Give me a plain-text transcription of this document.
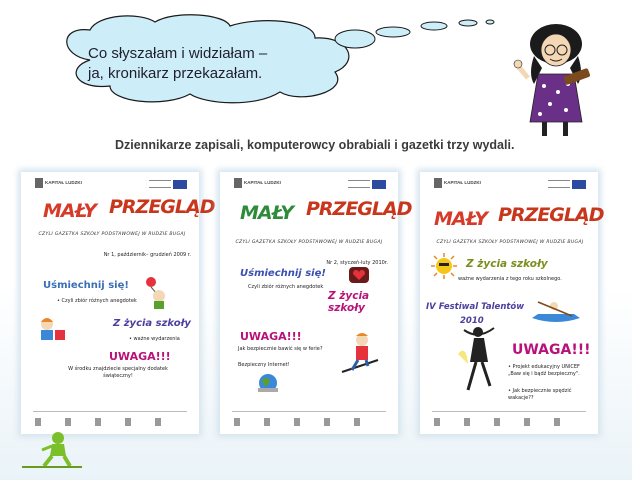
Co słyszałam i widziałam –
ja, kronikarz przekazałam.
Dziennikarze zapisali, komputerowcy obrabiali i gazetki trzy wydali.
KAPITAŁ LUDZKI
MAŁY PRZEGLĄD
CZYLI GAZETKA SZKOŁY PODSTAWOWEJ W RUDZIE BUGAJ
Nr 1, październik– grudzień 2009 r.
Uśmiechnij się!
• Czyli zbiór różnych anegdotek
Z życia szkoły
• ważne wydarzenia
UWAGA!!!
W środku znajdziecie specjalny dodatek świąteczny!
KAPITAŁ LUDZKI
MAŁY PRZEGLĄD
CZYLI GAZETKA SZKOŁY PODSTAWOWEJ W RUDZIE BUGAJ
Nr 2, styczeń-luty 2010r.
Uśmiechnij się!
Czyli zbiór różnych anegdotek
Z życia szkoły
UWAGA!!!
Jak bezpiecznie bawić się w ferie?
Bezpieczny Internet!
KAPITAŁ LUDZKI
MAŁY PRZEGLĄD
CZYLI GAZETKA SZKOŁY PODSTAWOWEJ W RUDZIE BUGAJ
Z życia szkoły
ważne wydarzenia z tego roku szkolnego.
IV Festiwal Talentów
2010
UWAGA!!!
• Projekt edukacyjny UNICEF „Baw się i bądź bezpieczny".
• Jak bezpiecznie spędzić wakacje??
